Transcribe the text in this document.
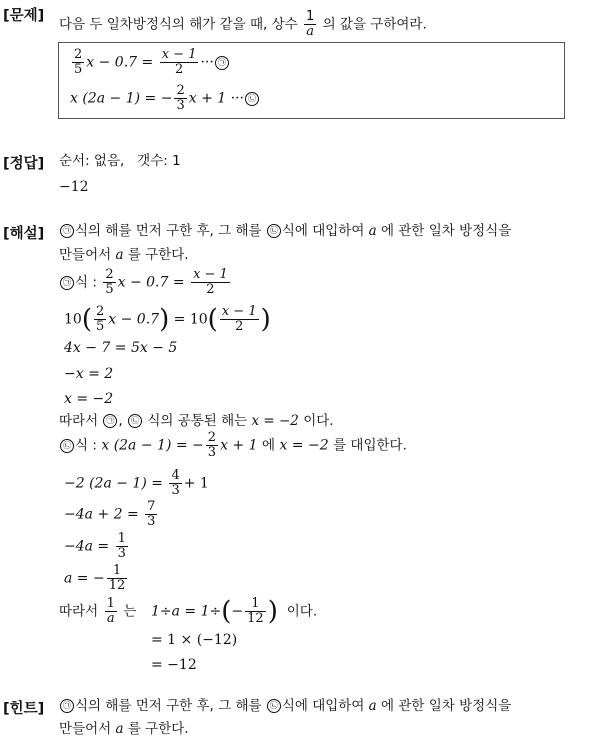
[문제]
다음 두 일차방정식의 해가 같을 때, 상수 $\frac{1}{a}$ 의 값을 구하여라.
$\frac{2}{5}$ $x - 0.7 = \frac{x - 1}{2}$ ··· ㉠
x (2a − 1) = − $\frac{2}{3}$ x + 1 ··· ㉡
[정답] 순서: 없음, 갯수: 1
−12
[해설]	㉠ 식의 해를 먼저 구한 후, 그 해를 ㉡ 식에 대입하여 a 에 관한 일차 방정식을
만들어서 a 를 구한다.
㉠ 식 : $\frac{2}{5}$ $x - 0.7 = \frac{x - 1}{2}$
$10( \frac{2}{5}$ $x - 0.7) = 10( \frac{x - 1}{2}$ )
4x − 7 = 5x − 5
−x = 2
x = −2
따라서 ㉠ , ㉡ 식의 공통된 해는 x = −2 이다.
㉡ 식 : x (2a − 1) = − $\frac{2}{3}$ x + 1 에 x = −2 를 대입한다.
−2 $(2a - 1) = \frac{4}{3} + 1$
$-4a + 2 = \frac{7}{3}$
$-4a = \frac{1}{3}$
a = − $\frac{1}{12}$
따라서 $\frac{1}{a}$ 는 $1\div a = 1\div(- \frac{1}{12}$ ) 이다.
= 1 × (−12)
= −12
[힌트]	㉠ 식의 해를 먼저 구한 후, 그 해를 ㉡ 식에 대입하여 a 에 관한 일차 방정식을
만들어서 a 를 구한다.
